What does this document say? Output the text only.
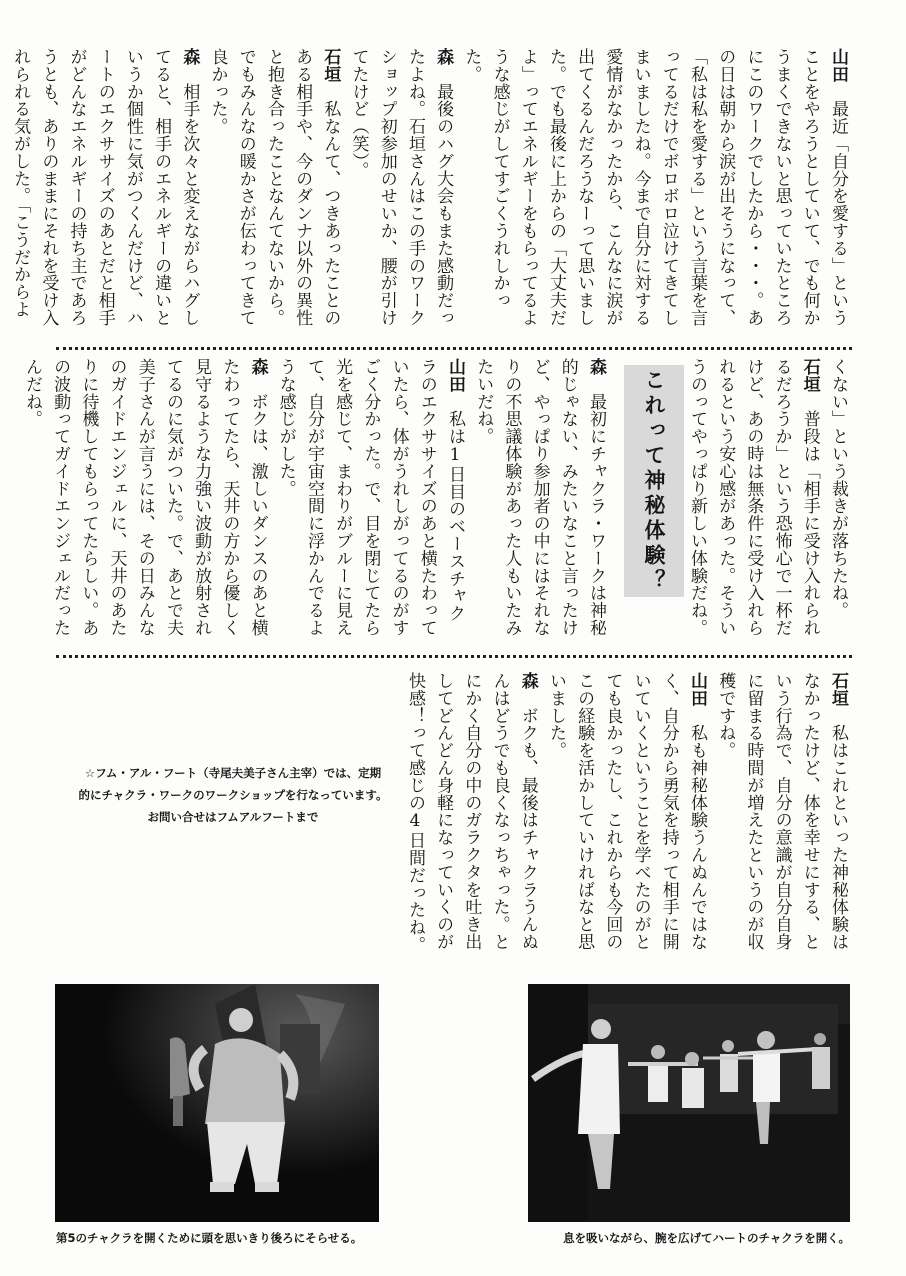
山田最近「自分を愛する」ということをやろうとしていて、でも何かうまくできないと思っていたところにこのワークでしたから・・・。あの日は朝から涙が出そうになって、「私は私を愛する」という言葉を言ってるだけでボロボロ泣けてきてしまいましたね。今まで自分に対する愛情がなかったから、こんなに涙が出てくるんだろうなーって思いました。でも最後に上からの「大丈夫だよ」ってエネルギーをもらってるような感じがしてすごくうれしかった。

森最後のハグ大会もまた感動だったよね。石垣さんはこの手のワークショップ初参加のせいか、腰が引けてたけど（笑）。

石垣私なんて、つきあったことのある相手や、今のダンナ以外の異性と抱き合ったことなんてないから。でもみんなの暖かさが伝わってきて良かった。

森相手を次々と変えながらハグしてると、相手のエネルギーの違いというか個性に気がつくんだけど、ハートのエクササイズのあとだと相手がどんなエネルギーの持ち主であろうとも、ありのままにそれを受け入れられる気がした。「こうだからよ

くない」という裁きが落ちたね。

石垣普段は「相手に受け入れられるだろうか」という恐怖心で一杯だけど、あの時は無条件に受け入れられるという安心感があった。そういうのってやっぱり新しい体験だね。

これって神秘体験？

森最初にチャクラ・ワークは神秘的じゃない、みたいなこと言ったけど、やっぱり参加者の中にはそれなりの不思議体験があった人もいたみたいだね。

山田私は1日目のベースチャクラのエクササイズのあと横たわっていたら、体がうれしがってるのがすごく分かった。で、目を閉じてたら光を感じて、まわりがブルーに見えて、自分が宇宙空間に浮かんでるような感じがした。

森ボクは、激しいダンスのあと横たわってたら、天井の方から優しく見守るような力強い波動が放射されてるのに気がついた。で、あとで夫美子さんが言うには、その日みんなのガイドエンジェルに、天井のあたりに待機してもらってたらしい。あの波動ってガイドエンジェルだったんだね。

石垣私はこれといった神秘体験はなかったけど、体を幸せにする、という行為で、自分の意識が自分自身に留まる時間が増えたというのが収穫ですね。

山田私も神秘体験うんぬんではなく、自分から勇気を持って相手に開いていくということを学べたのがとても良かったし、これからも今回のこの経験を活かしていければなと思いました。

森ボクも、最後はチャクラうんぬんはどうでも良くなっちゃった。とにかく自分の中のガラクタを吐き出してどんどん身軽になっていくのが快感！って感じの4日間だったね。

☆フム・アル・フート（寺尾夫美子さん主宰）では、定期
的にチャクラ・ワークのワークショップを行なっています。
お問い合せはフムアルフートまで
第5のチャクラを開くために頭を思いきり後ろにそらせる。	息を吸いながら、腕を広げてハートのチャクラを開く。
